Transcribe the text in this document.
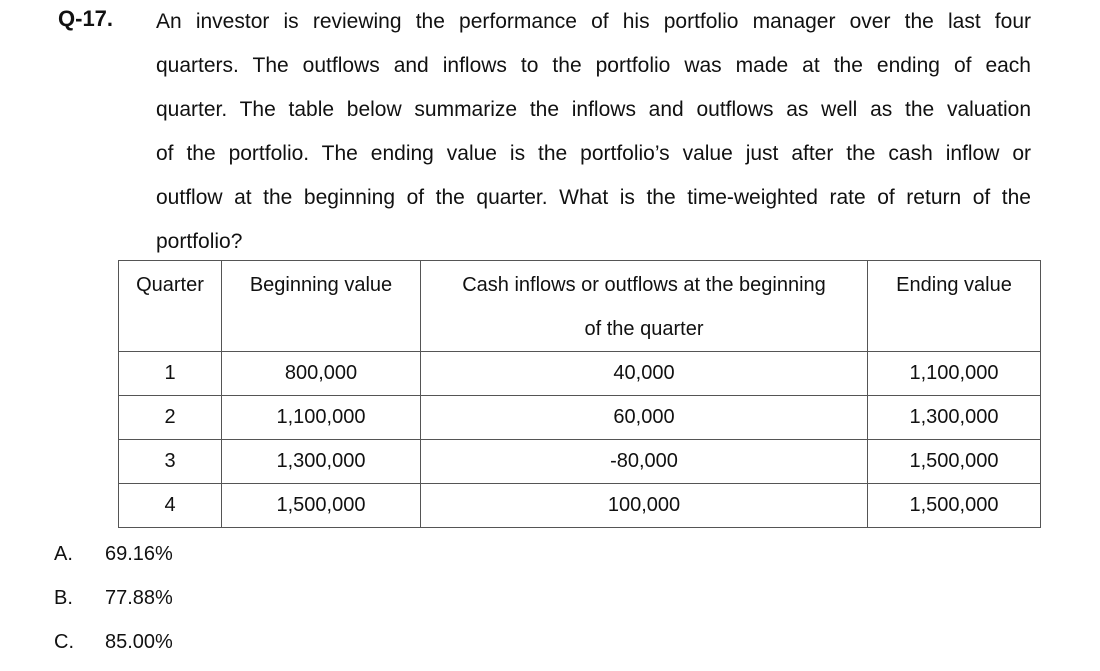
Q-17. An investor is reviewing the performance of his portfolio manager over the last four
quarters. The outflows and inflows to the portfolio was made at the ending of each
quarter. The table below summarize the inflows and outflows as well as the valuation
of the portfolio. The ending value is the portfolio’s value just after the cash inflow or
outflow at the beginning of the quarter. What is the time-weighted rate of return of the
portfolio?
Quarter	Beginning value	Cash inflows or outflows at the beginning
of the quarter	Ending value
1	800,000	40,000	1,100,000
2	1,100,000	60,000	1,300,000
3	1,300,000	-80,000	1,500,000
4	1,500,000	100,000	1,500,000
A.	69.16%
B.	77.88%
C.	85.00%
